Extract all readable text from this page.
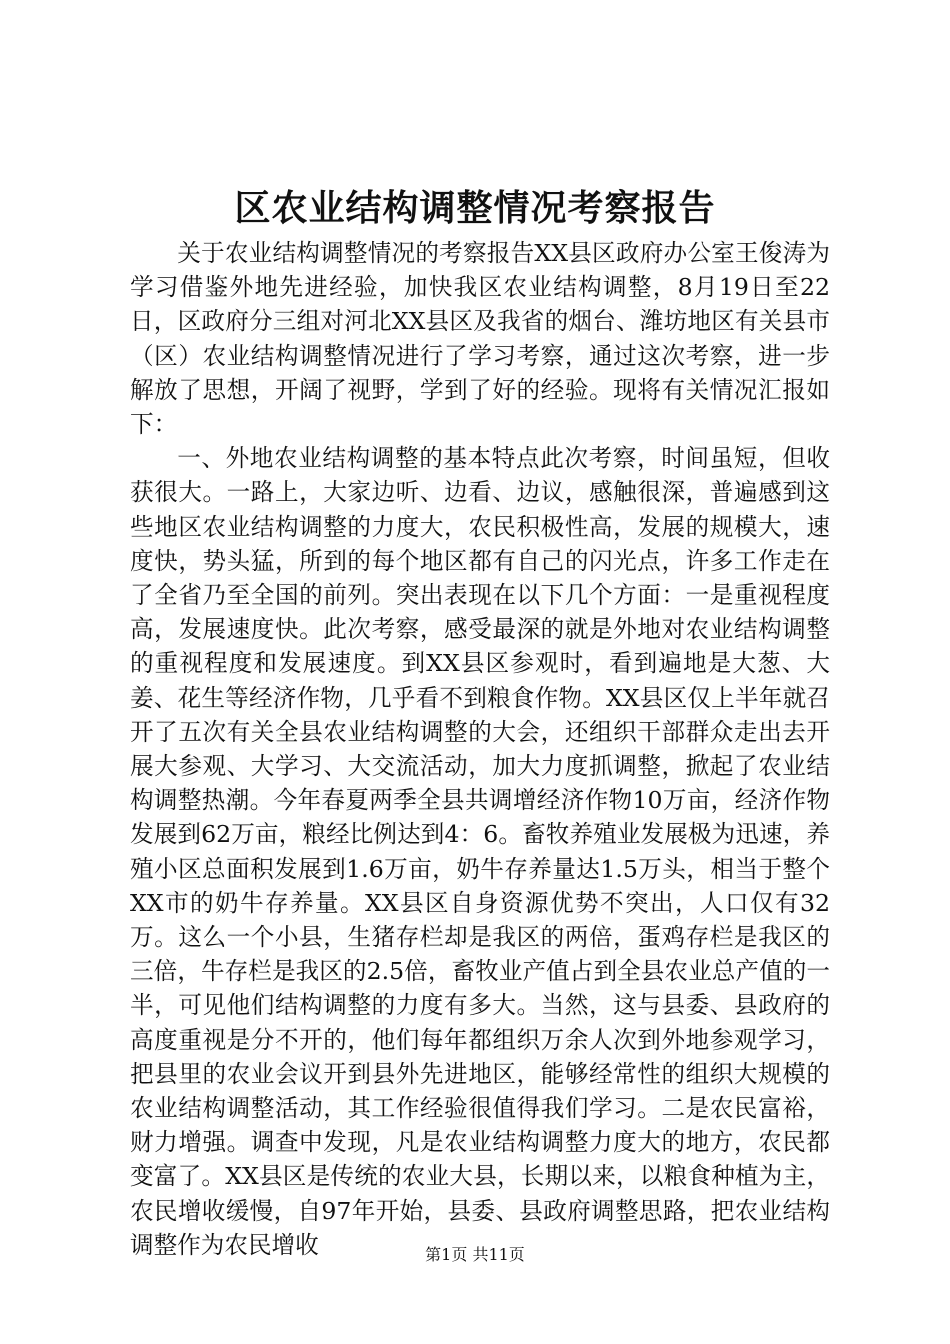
区农业结构调整情况考察报告

关于农业结构调整情况的考察报告XX县区政府办公室王俊涛为学习借鉴外地先进经验，加快我区农业结构调整，8月19日至22日，区政府分三组对河北XX县区及我省的烟台、潍坊地区有关县市（区）农业结构调整情况进行了学习考察，通过这次考察，进一步解放了思想，开阔了视野，学到了好的经验。现将有关情况汇报如下：

一、外地农业结构调整的基本特点此次考察，时间虽短，但收获很大。一路上，大家边听、边看、边议，感触很深，普遍感到这些地区农业结构调整的力度大，农民积极性高，发展的规模大，速度快，势头猛，所到的每个地区都有自己的闪光点，许多工作走在了全省乃至全国的前列。突出表现在以下几个方面：一是重视程度高，发展速度快。此次考察，感受最深的就是外地对农业结构调整的重视程度和发展速度。到XX县区参观时，看到遍地是大葱、大姜、花生等经济作物，几乎看不到粮食作物。XX县区仅上半年就召开了五次有关全县农业结构调整的大会，还组织干部群众走出去开展大参观、大学习、大交流活动，加大力度抓调整，掀起了农业结构调整热潮。今年春夏两季全县共调增经济作物10万亩，经济作物发展到62万亩，粮经比例达到4：6。畜牧养殖业发展极为迅速，养殖小区总面积发展到1.6万亩，奶牛存养量达1.5万头，相当于整个XX市的奶牛存养量。XX县区自身资源优势不突出，人口仅有32万。这么一个小县，生猪存栏却是我区的两倍，蛋鸡存栏是我区的三倍，牛存栏是我区的2.5倍，畜牧业产值占到全县农业总产值的一半，可见他们结构调整的力度有多大。当然，这与县委、县政府的高度重视是分不开的，他们每年都组织万余人次到外地参观学习，把县里的农业会议开到县外先进地区，能够经常性的组织大规模的农业结构调整活动，其工作经验很值得我们学习。二是农民富裕，财力增强。调查中发现，凡是农业结构调整力度大的地方，农民都变富了。XX县区是传统的农业大县，长期以来，以粮食种植为主，农民增收缓慢，自97年开始，县委、县政府调整思路，把农业结构调整作为农民增收	第1页 共11页
